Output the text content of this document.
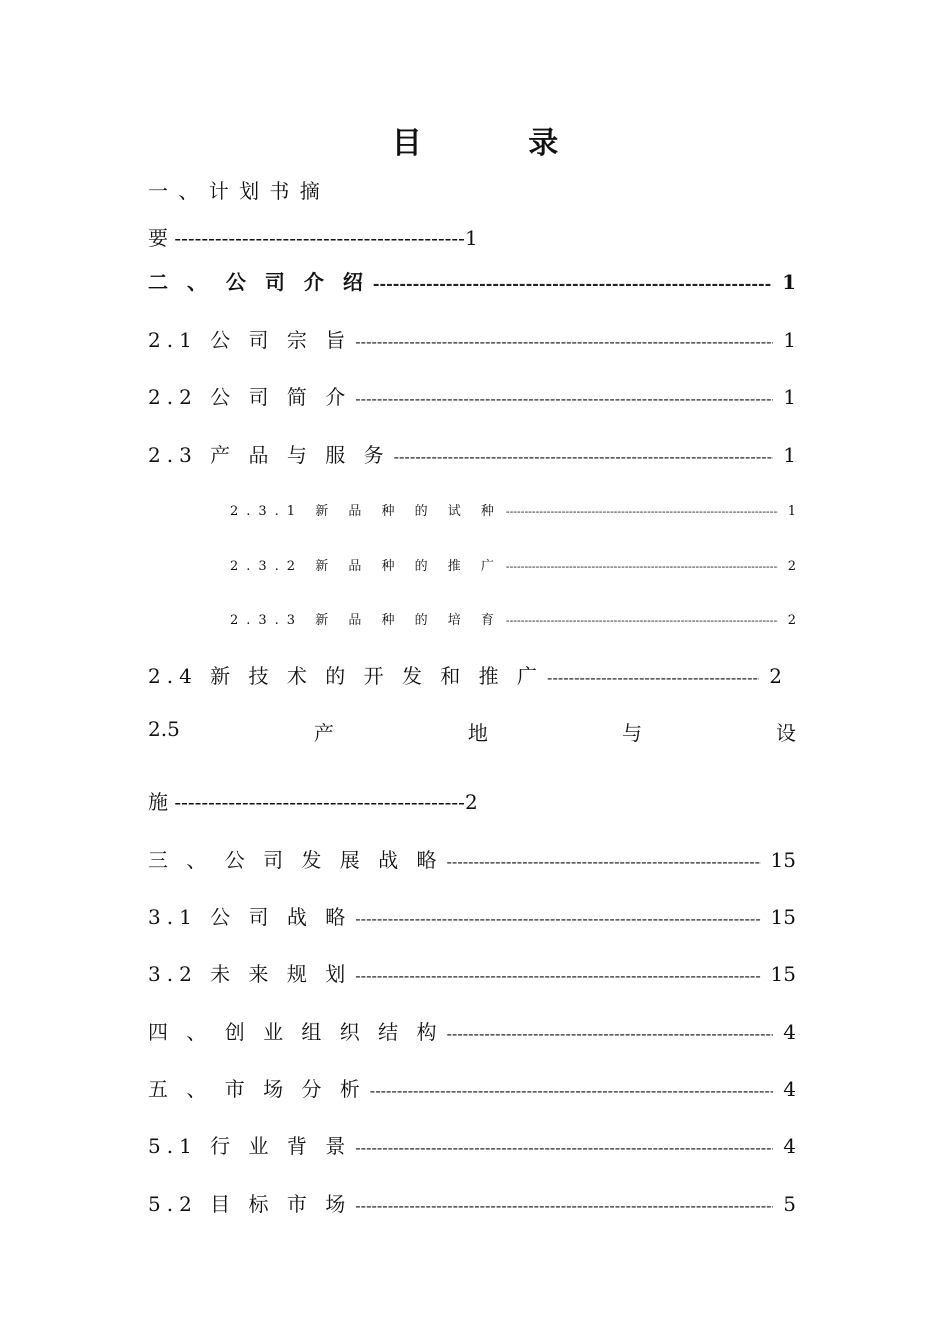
目 录
一 、 计 划 书 摘
要 -------------------------------------------1
二 、 公 司 介 绍 -----	1
2.1 公 司 宗 旨 -----	1
2.2 公 司 简 介 -----	1
2.3 产 品 与 服 务 -----	1
2.3.1 新 品 种 的 试 种 -----	1
2.3.2 新 品 种 的 推 广 -----	2
2.3.3 新 品 种 的 培 育 -----	2
2.4 新 技 术 的 开 发 和 推 广 -----	2
2.5	产	地	与	设
施 -------------------------------------------2
三 、 公 司 发 展 战 略 -----	15
3.1 公 司 战 略 -----	15
3.2 未 来 规 划 -----	15
四 、 创 业 组 织 结 构 -----	4
五 、 市 场 分 析 -----	4
5.1 行 业 背 景 -----	4
5.2 目 标 市 场 -----	5
